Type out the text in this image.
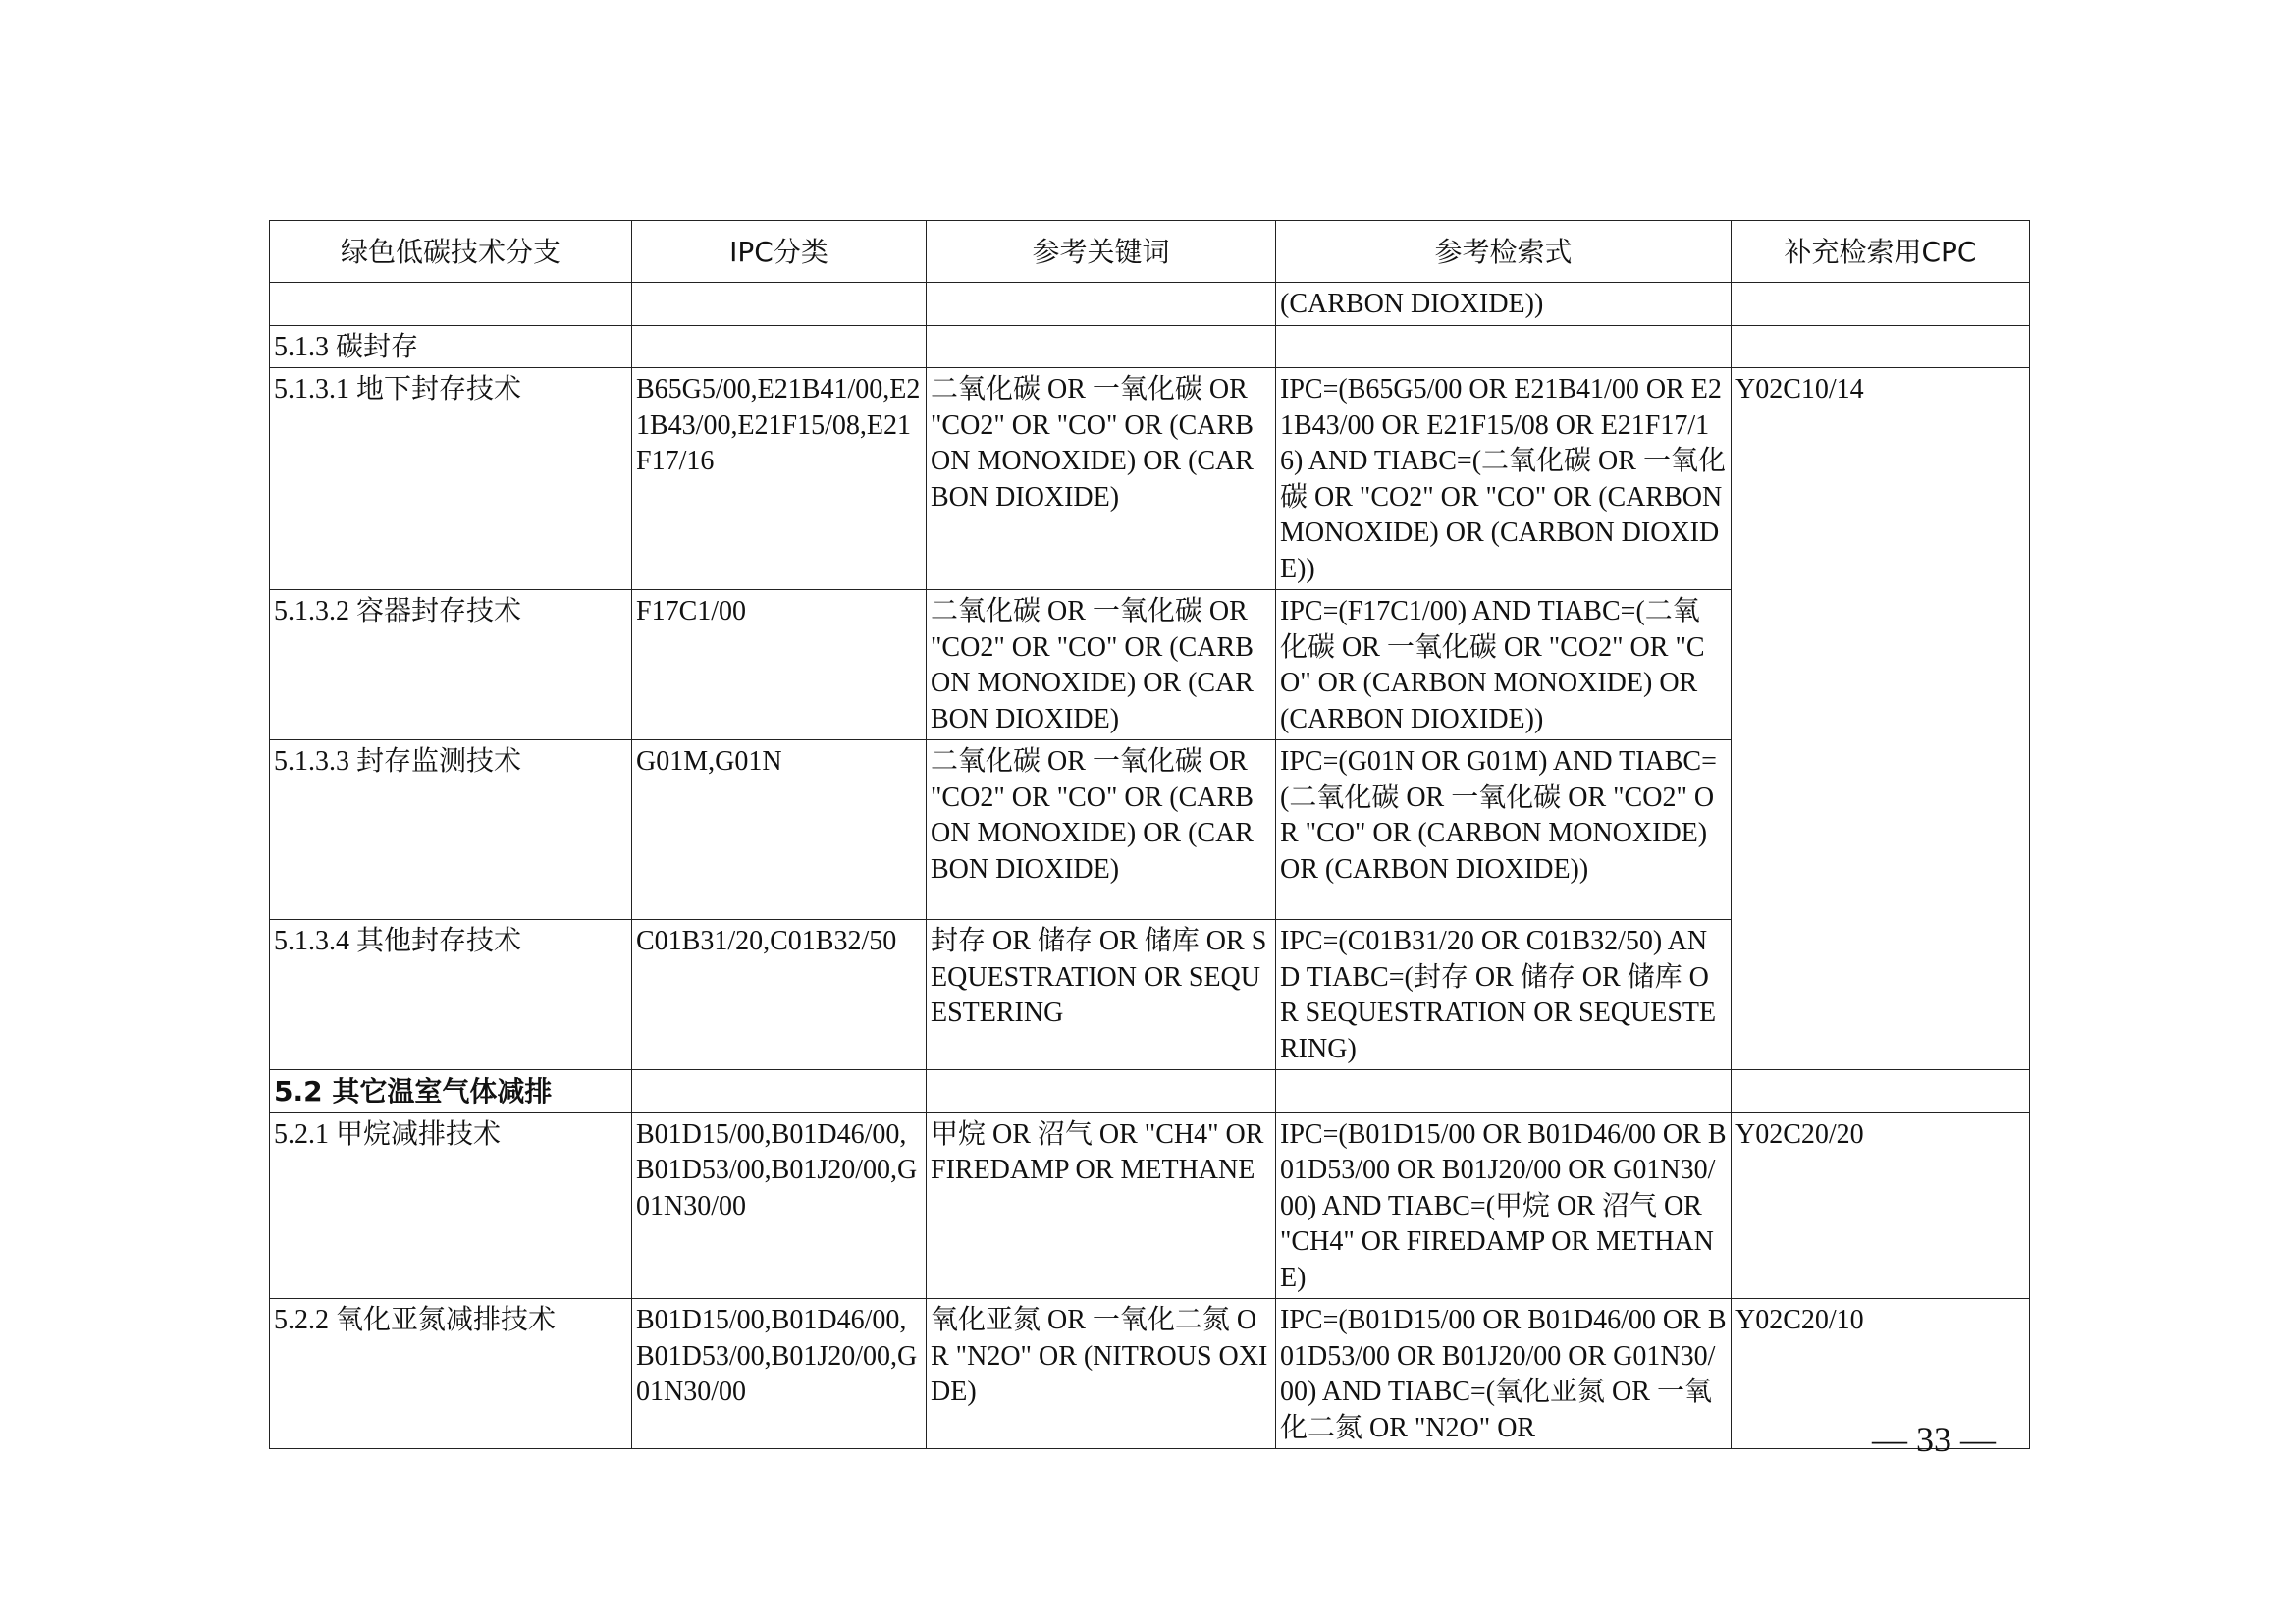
绿色低碳技术分支	IPC分类	参考关键词	参考检索式	补充检索用CPC
			(CARBON DIOXIDE))	
5.1.3 碳封存				
5.1.3.1 地下封存技术	B65G5/00,E21B41/00,E21B43/00,E21F15/08,E21F17/16	二氧化碳 OR 一氧化碳 OR "CO2" OR "CO" OR (CARBON MONOXIDE) OR (CARBON DIOXIDE)	IPC=(B65G5/00 OR E21B41/00 OR E21B43/00 OR E21F15/08 OR E21F17/16) AND TIABC=(二氧化碳 OR 一氧化碳 OR "CO2" OR "CO" OR (CARBON MONOXIDE) OR (CARBON DIOXIDE))	Y02C10/14
5.1.3.2 容器封存技术	F17C1/00	二氧化碳 OR 一氧化碳 OR "CO2" OR "CO" OR (CARBON MONOXIDE) OR (CARBON DIOXIDE)	IPC=(F17C1/00) AND TIABC=(二氧化碳 OR 一氧化碳 OR "CO2" OR "CO" OR (CARBON MONOXIDE) OR (CARBON DIOXIDE))	
5.1.3.3 封存监测技术	G01M,G01N	二氧化碳 OR 一氧化碳 OR "CO2" OR "CO" OR (CARBON MONOXIDE) OR (CARBON DIOXIDE)	IPC=(G01N OR G01M) AND TIABC=(二氧化碳 OR 一氧化碳 OR "CO2" OR "CO" OR (CARBON MONOXIDE) OR (CARBON DIOXIDE))	
5.1.3.4 其他封存技术	C01B31/20,C01B32/50	封存 OR 储存 OR 储库 OR SEQUESTRATION OR SEQUESTERING	IPC=(C01B31/20 OR C01B32/50) AND TIABC=(封存 OR 储存 OR 储库 OR SEQUESTRATION OR SEQUESTERING)	
5.2 其它温室气体减排				
5.2.1 甲烷减排技术	B01D15/00,B01D46/00,B01D53/00,B01J20/00,G01N30/00	甲烷 OR 沼气 OR "CH4" OR FIREDAMP OR METHANE	IPC=(B01D15/00 OR B01D46/00 OR B01D53/00 OR B01J20/00 OR G01N30/00) AND TIABC=(甲烷 OR 沼气 OR "CH4" OR FIREDAMP OR METHANE)	Y02C20/20
5.2.2 氧化亚氮减排技术	B01D15/00,B01D46/00,B01D53/00,B01J20/00,G01N30/00	氧化亚氮 OR 一氧化二氮 OR "N2O" OR (NITROUS OXIDE)	IPC=(B01D15/00 OR B01D46/00 OR B01D53/00 OR B01J20/00 OR G01N30/00) AND TIABC=(氧化亚氮 OR 一氧化二氮 OR "N2O" OR	Y02C20/10
— 33 —
